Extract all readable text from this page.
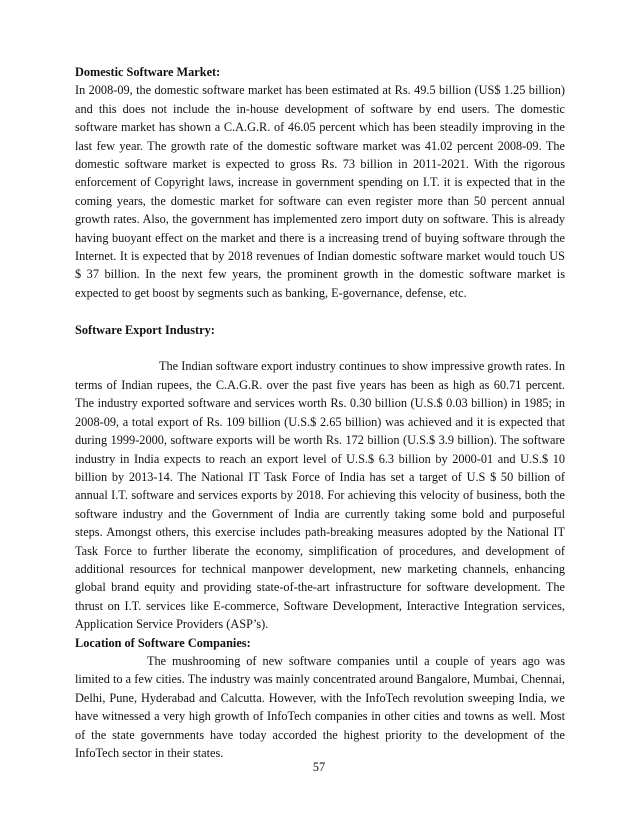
Domestic Software Market:

In 2008-09, the domestic software market has been estimated at Rs. 49.5 billion (US$ 1.25 billion) and this does not include the in-house development of software by end users. The domestic software market has shown a C.A.G.R. of 46.05 percent which has been steadily improving in the last few year. The growth rate of the domestic software market was 41.02 percent 2008-09. The domestic software market is expected to gross Rs. 73 billion in 2011-2021. With the rigorous enforcement of Copyright laws, increase in government spending on I.T. it is expected that in the coming years, the domestic market for software can even register more than 50 percent annual growth rates. Also, the government has implemented zero import duty on software. This is already having buoyant effect on the market and there is a increasing trend of buying software through the Internet. It is expected that by 2018 revenues of Indian domestic software market would touch US $ 37 billion. In the next few years, the prominent growth in the domestic software market is expected to get boost by segments such as banking, E-governance, defense, etc.

Software Export Industry:

The Indian software export industry continues to show impressive growth rates. In terms of Indian rupees, the C.A.G.R. over the past five years has been as high as 60.71 percent. The industry exported software and services worth Rs. 0.30 billion (U.S.$ 0.03 billion) in 1985; in 2008-09, a total export of Rs. 109 billion (U.S.$ 2.65 billion) was achieved and it is expected that during 1999-2000, software exports will be worth Rs. 172 billion (U.S.$ 3.9 billion). The software industry in India expects to reach an export level of U.S.$ 6.3 billion by 2000-01 and U.S.$ 10 billion by 2013-14. The National IT Task Force of India has set a target of U.S $ 50 billion of annual I.T. software and services exports by 2018. For achieving this velocity of business, both the software industry and the Government of India are currently taking some bold and purposeful steps. Amongst others, this exercise includes path-breaking measures adopted by the National IT Task Force to further liberate the economy, simplification of procedures, and development of additional resources for technical manpower development, new marketing channels, enhancing global brand equity and providing state-of-the-art infrastructure for software development. The thrust on I.T. services like E-commerce, Software Development, Interactive Integration services, Application Service Providers (ASP’s).

Location of Software Companies:

The mushrooming of new software companies until a couple of years ago was limited to a few cities. The industry was mainly concentrated around Bangalore, Mumbai, Chennai, Delhi, Pune, Hyderabad and Calcutta. However, with the InfoTech revolution sweeping India, we have witnessed a very high growth of InfoTech companies in other cities and towns as well. Most of the state governments have today accorded the highest priority to the development of the InfoTech sector in their states.

57
